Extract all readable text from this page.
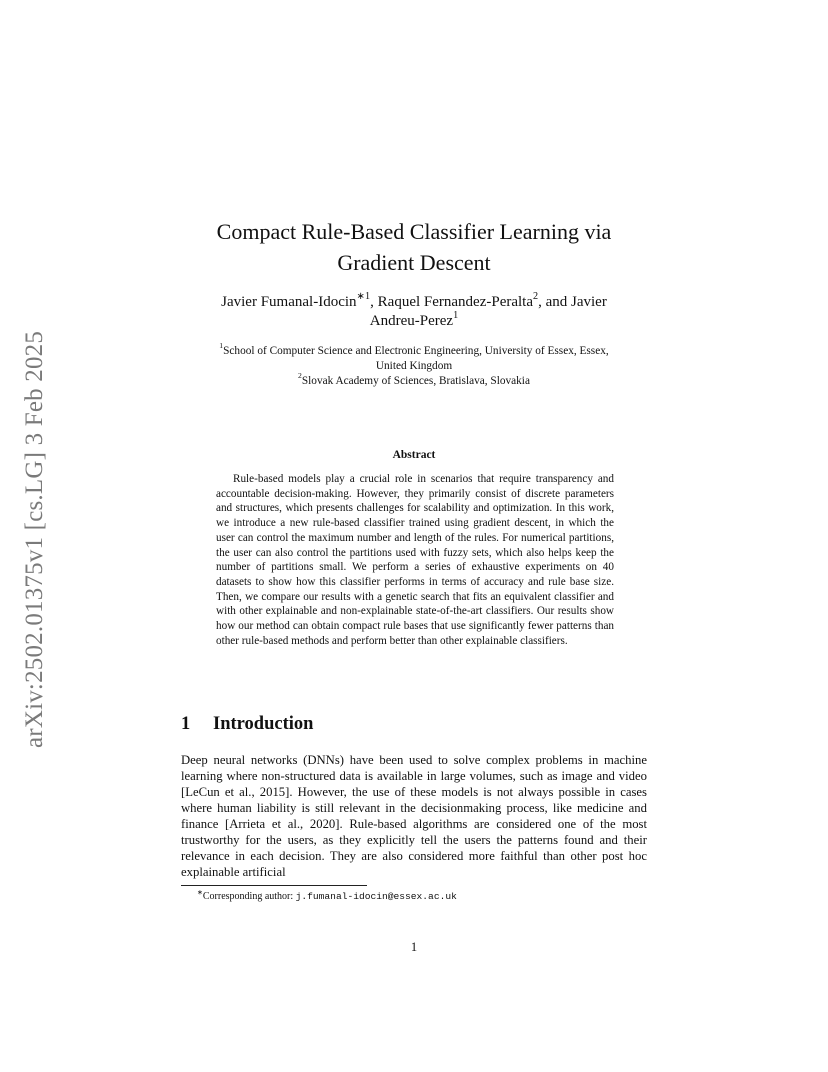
arXiv:2502.01375v1 [cs.LG] 3 Feb 2025
Compact Rule-Based Classifier Learning via
Gradient Descent
Javier Fumanal-Idocin$^{∗1}$, Raquel Fernandez-Peralta$^2$, and Javier
Andreu-Perez$^1$
$^1$School of Computer Science and Electronic Engineering, University of Essex, Essex,
United Kingdom
$^2$Slovak Academy of Sciences, Bratislava, Slovakia
Abstract
Rule-based models play a crucial role in scenarios that require transparency and accountable decision-making. However, they primarily consist of discrete parameters and structures, which presents challenges for scalability and optimization. In this work, we introduce a new rule-based classifier trained using gradient descent, in which the user can control the maximum number and length of the rules. For numerical partitions, the user can also control the partitions used with fuzzy sets, which also helps keep the number of partitions small. We perform a series of exhaustive experiments on 40 datasets to show how this classifier performs in terms of accuracy and rule base size. Then, we compare our results with a genetic search that fits an equivalent classifier and with other explainable and non-explainable state-of-the-art classifiers. Our results show how our method can obtain compact rule bases that use significantly fewer patterns than other rule-based methods and perform better than other explainable classifiers.
1 Introduction
Deep neural networks (DNNs) have been used to solve complex problems in machine learning where non-structured data is available in large volumes, such as image and video [LeCun et al., 2015]. However, the use of these models is not always possible in cases where human liability is still relevant in the decisionmaking process, like medicine and finance [Arrieta et al., 2020]. Rule-based algorithms are considered one of the most trustworthy for the users, as they explicitly tell the users the patterns found and their relevance in each decision. They are also considered more faithful than other post hoc explainable artificial
∗Corresponding author: j.fumanal-idocin@essex.ac.uk
1
